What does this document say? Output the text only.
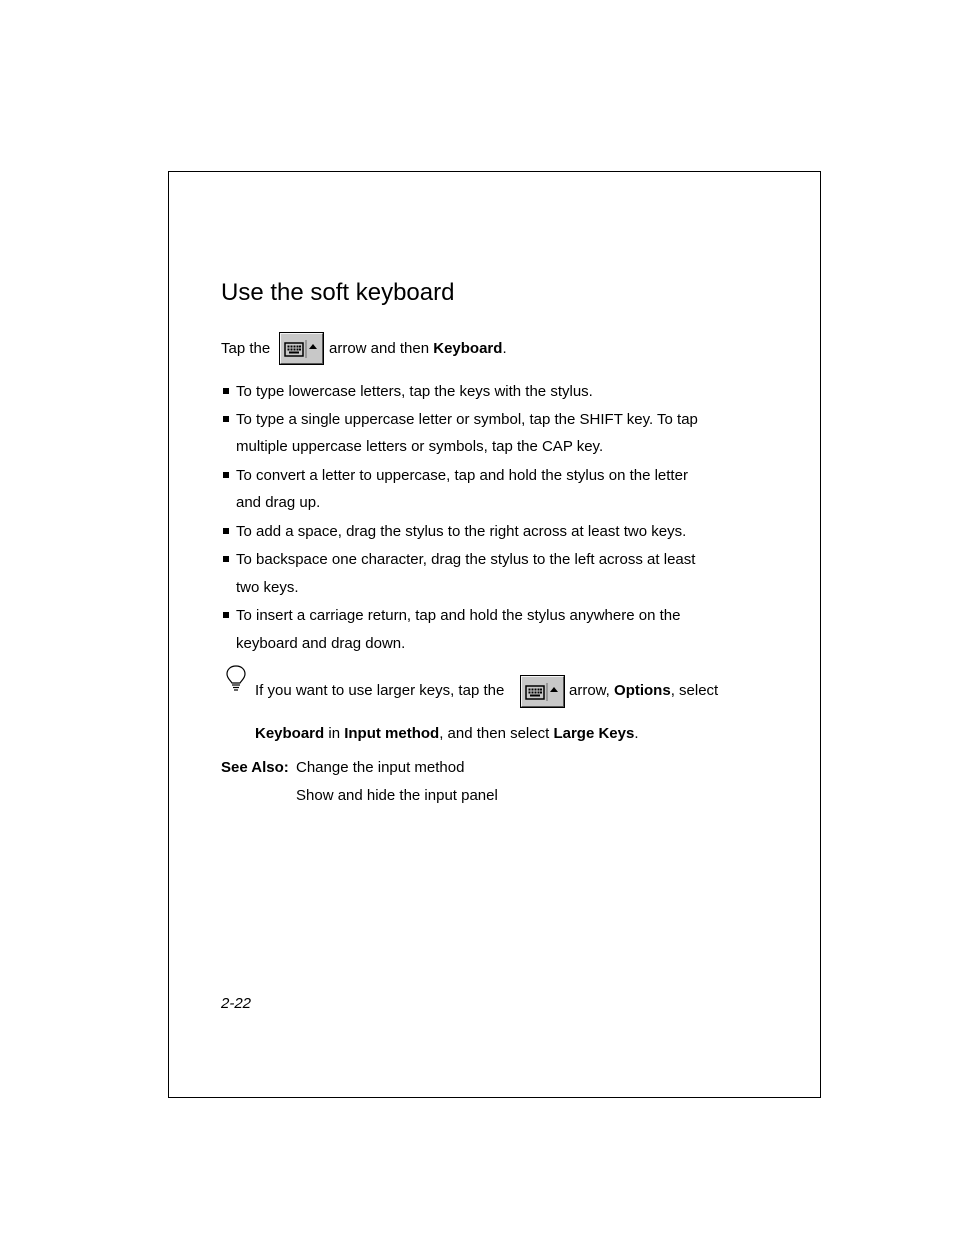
Use the soft keyboard
Tap the	arrow and then Keyboard.
To type lowercase letters, tap the keys with the stylus.
To type a single uppercase letter or symbol, tap the SHIFT key. To tap
multiple uppercase letters or symbols, tap the CAP key.
To convert a letter to uppercase, tap and hold the stylus on the letter
and drag up.
To add a space, drag the stylus to the right across at least two keys.
To backspace one character, drag the stylus to the left across at least
two keys.
To insert a carriage return, tap and hold the stylus anywhere on the
keyboard and drag down.
If you want to use larger keys, tap the	arrow, Options, select
Keyboard in Input method, and then select Large Keys.
See Also: Change the input method
Show and hide the input panel
2-22
